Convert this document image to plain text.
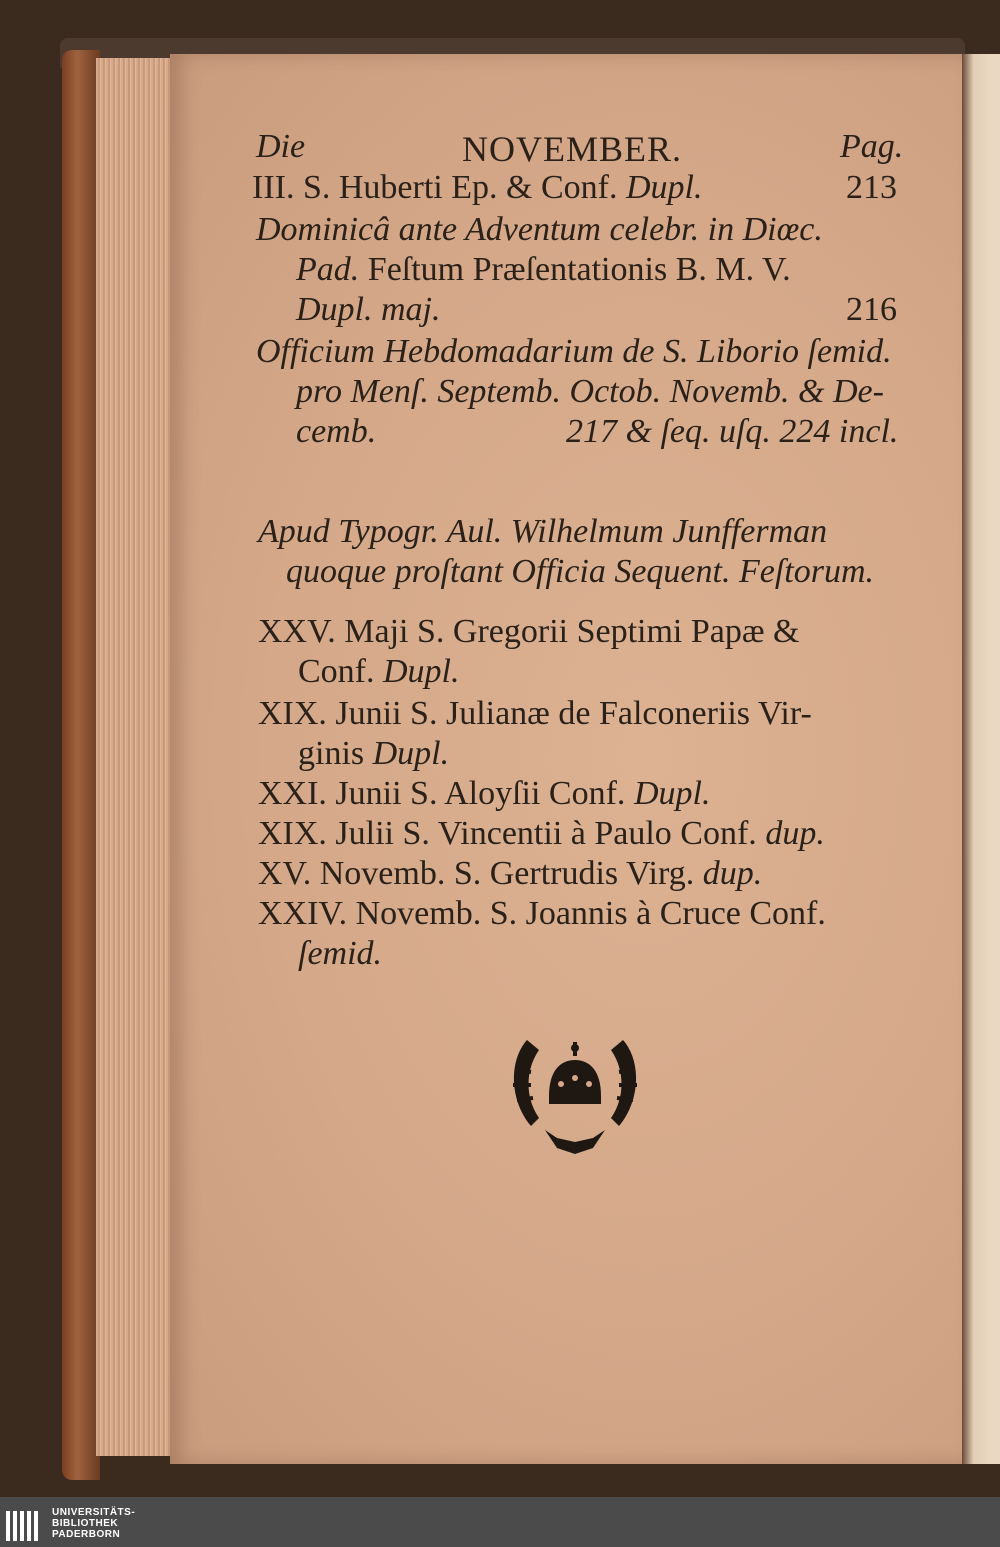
Die	NOVEMBER.	Pag.
III. S. Huberti Ep. & Conf. Dupl.	213
Dominicâ ante Adventum celebr. in Diœc.
Pad. Feſtum Præſentationis B. M. V.
Dupl. maj.	216
Officium Hebdomadarium de S. Liborio ſemid.
pro Menſ. Septemb. Octob. Novemb. & De-
cemb.	217 & ſeq. uſq. 224 incl.
Apud Typogr. Aul. Wilhelmum Junfferman
quoque proſtant Officia Sequent. Feſtorum.
XXV. Maji S. Gregorii Septimi Papæ &
Conf. Dupl.
XIX. Junii S. Julianæ de Falconeriis Vir-
ginis Dupl.
XXI. Junii S. Aloyſii Conf. Dupl.
XIX. Julii S. Vincentii à Paulo Conf. dup.
XV. Novemb. S. Gertrudis Virg. dup.
XXIV. Novemb. S. Joannis à Cruce Conf.
ſemid.
UNIVERSITÄTS-
BIBLIOTHEK
PADERBORN
